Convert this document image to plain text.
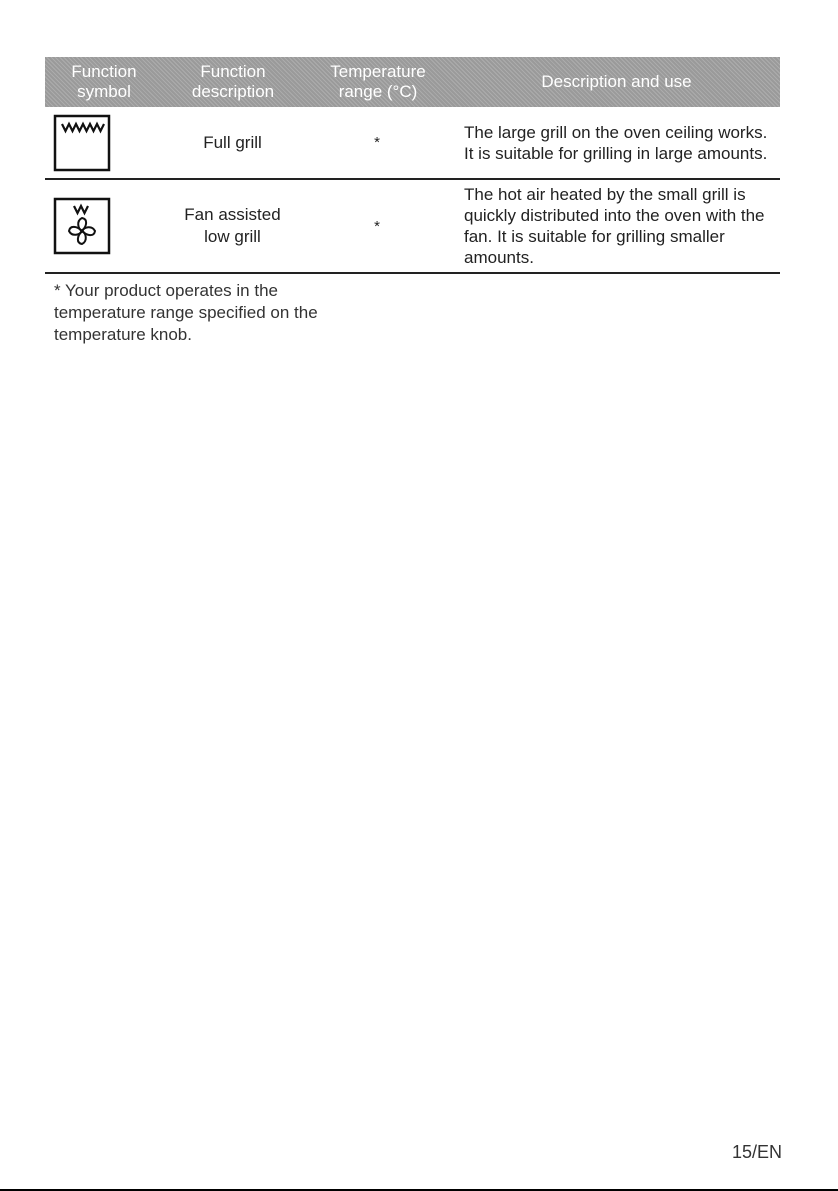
Function
symbol
Function
description
Temperature
range (°C)
Description and use
Full grill	*
The large grill on the oven ceiling works. It is suitable for grilling in large amounts.
Fan assisted
low grill
*
The hot air heated by the small grill is quickly distributed into the oven with the fan. It is suitable for grilling smaller amounts.
* Your product operates in the temperature range specified on the temperature knob.
15/EN
